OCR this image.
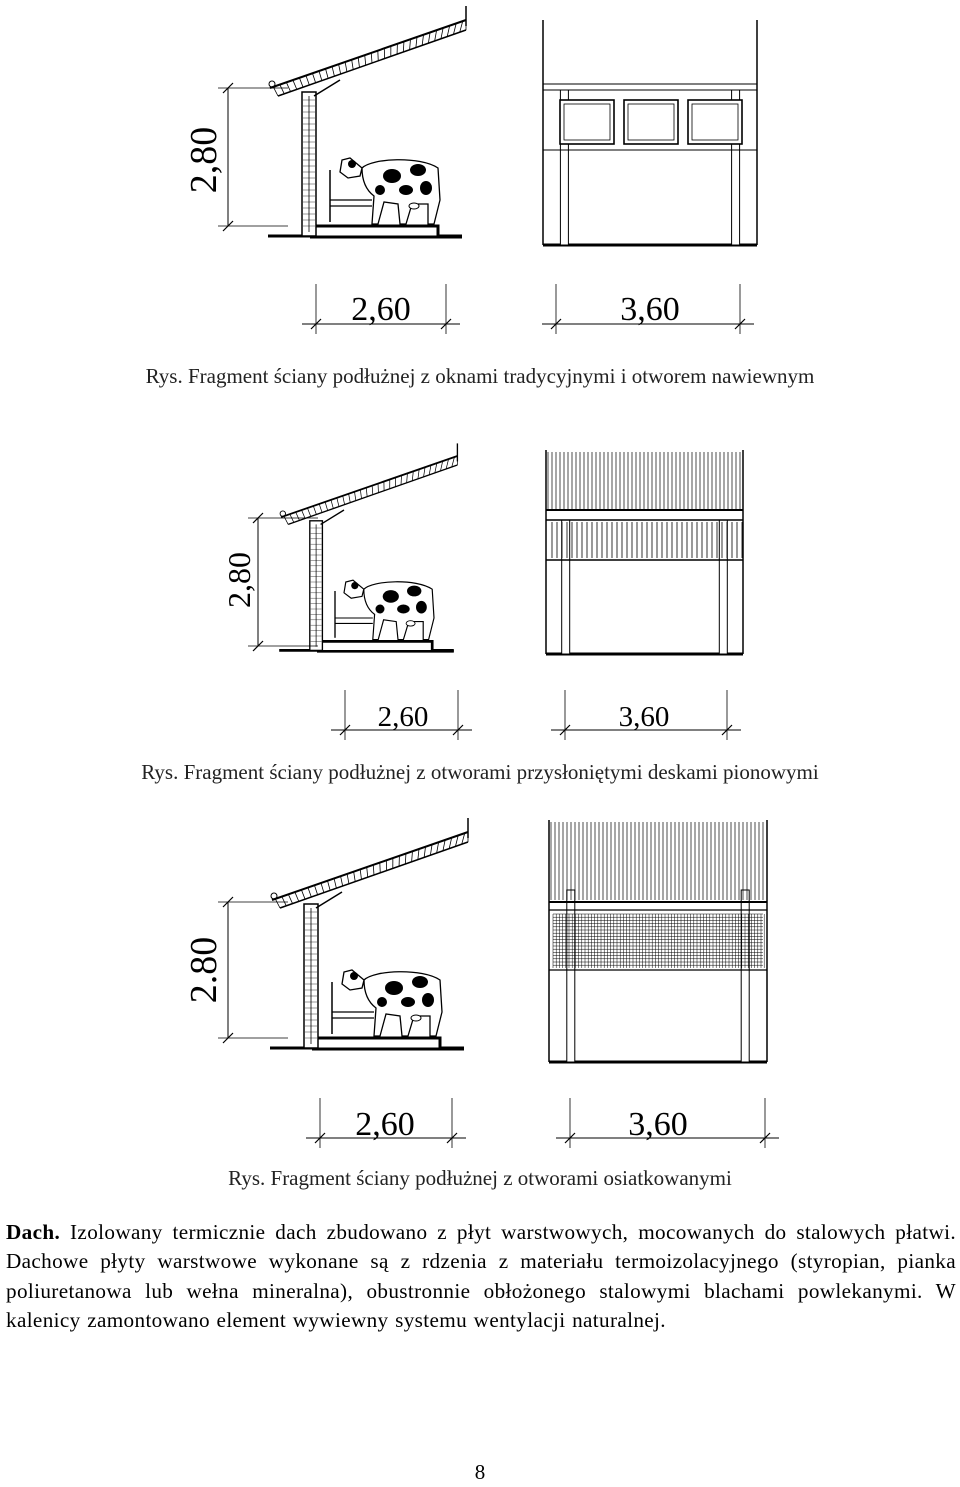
2,80
2,60	3,60
Rys. Fragment ściany podłużnej z oknami tradycyjnymi i otworem nawiewnym
2,80
2,60	3,60
Rys. Fragment ściany podłużnej z otworami przysłoniętymi deskami pionowymi
2.80
2,60	3,60
Rys. Fragment ściany podłużnej z otworami osiatkowanymi
Dach. Izolowany termicznie dach zbudowano z płyt warstwowych, mocowanych do stalowych płatwi. Dachowe płyty warstwowe wykonane są z rdzenia z materiału termoizolacyjnego (styropian, pianka poliuretanowa lub wełna mineralna), obustronnie obłożonego stalowymi blachami powlekanymi. W kalenicy zamontowano element wywiewny systemu wentylacji naturalnej.
8
